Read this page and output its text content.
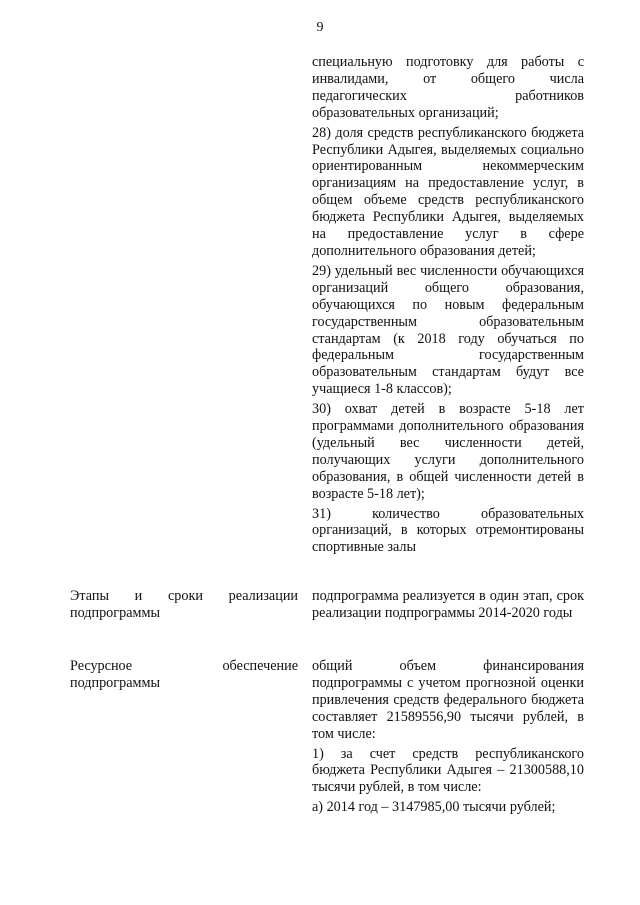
9

специальную подготовку для работы с инвалидами, от общего числа педагогических работников образовательных организаций;

28) доля средств республиканского бюджета Республики Адыгея, выделяемых социально ориентированным некоммерческим организациям на предоставление услуг, в общем объеме средств республиканского бюджета Республики Адыгея, выделяемых на предоставление услуг в сфере дополнительного образования детей;

29) удельный вес численности обучающихся организаций общего образования, обучающихся по новым федеральным государственным образовательным стандартам (к 2018 году обучаться по федеральным государственным образовательным стандартам будут все учащиеся 1-8 классов);

30) охват детей в возрасте 5-18 лет программами дополнительного образования (удельный вес численности детей, получающих услуги дополнительного образования, в общей численности детей в возрасте 5-18 лет);

31) количество образовательных организаций, в которых отремонтированы спортивные залы

Этапы и сроки реализации подпрограммы

подпрограмма реализуется в один этап, срок реализации подпрограммы 2014-2020 годы

Ресурсное обеспечение подпрограммы

общий объем финансирования подпрограммы с учетом прогнозной оценки привлечения средств федерального бюджета составляет 21589556,90 тысячи рублей, в том числе:

1) за счет средств республиканского бюджета Республики Адыгея – 21300588,10 тысячи рублей, в том числе:

а) 2014 год – 3147985,00 тысячи рублей;
